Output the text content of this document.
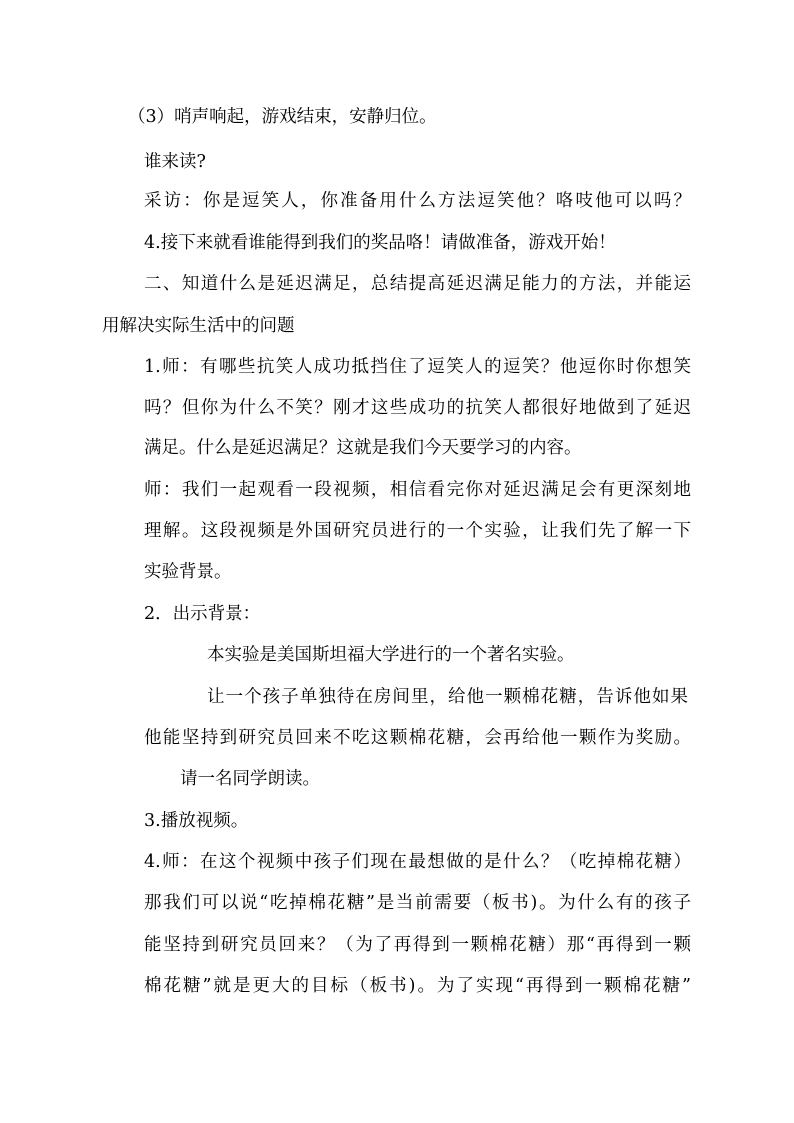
（3）哨声响起，游戏结束，安静归位。
谁来读?
采访：你是逗笑人，你准备用什么方法逗笑他？咯吱他可以吗？
4.接下来就看谁能得到我们的奖品咯！请做准备，游戏开始！
二、知道什么是延迟满足，总结提高延迟满足能力的方法，并能运
用解决实际生活中的问题
1.师：有哪些抗笑人成功抵挡住了逗笑人的逗笑？他逗你时你想笑
吗？但你为什么不笑？刚才这些成功的抗笑人都很好地做到了延迟
满足。什么是延迟满足？这就是我们今天要学习的内容。
师：我们一起观看一段视频，相信看完你对延迟满足会有更深刻地
理解。这段视频是外国研究员进行的一个实验，让我们先了解一下
实验背景。
2．出示背景：
本实验是美国斯坦福大学进行的一个著名实验。
让一个孩子单独待在房间里，给他一颗棉花糖，告诉他如果
他能坚持到研究员回来不吃这颗棉花糖，会再给他一颗作为奖励。
请一名同学朗读。
3.播放视频。
4.师：在这个视频中孩子们现在最想做的是什么？（吃掉棉花糖）
那我们可以说“吃掉棉花糖”是当前需要（板书)。为什么有的孩子
能坚持到研究员回来？（为了再得到一颗棉花糖）那“再得到一颗
棉花糖”就是更大的目标（板书)。为了实现“再得到一颗棉花糖”
